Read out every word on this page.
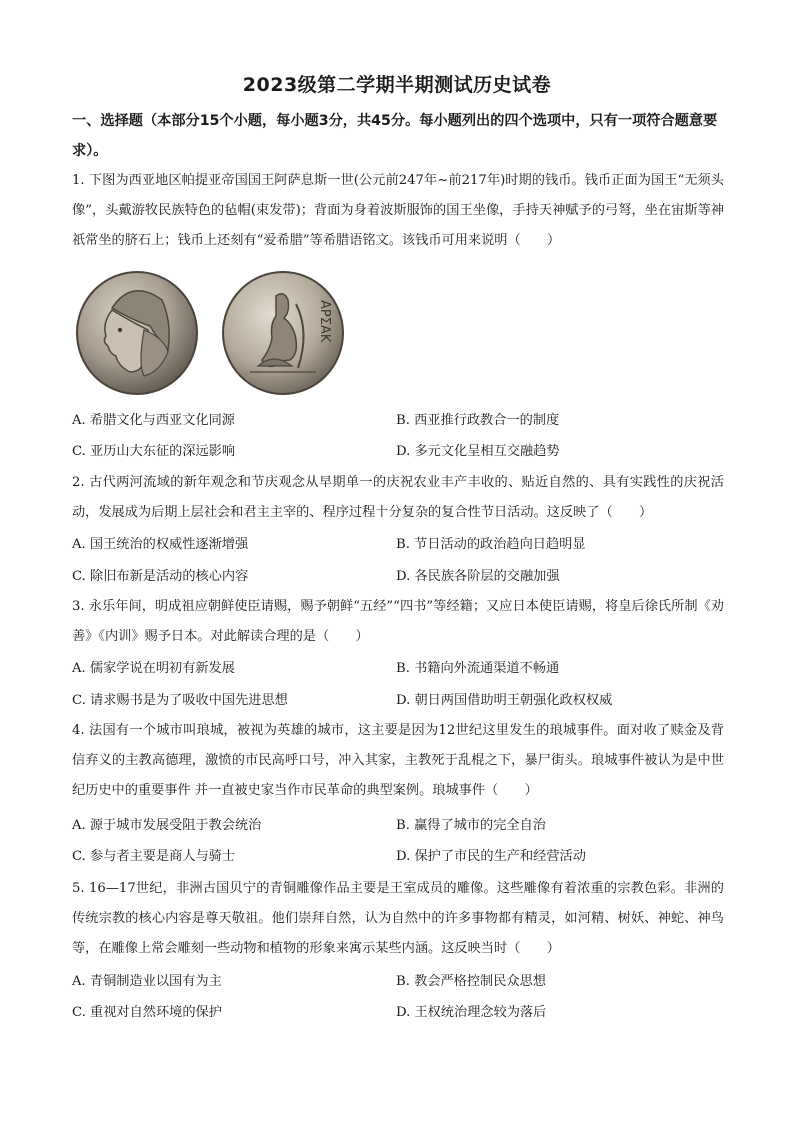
2023级第二学期半期测试历史试卷
一、选择题（本部分15个小题，每小题3分，共45分。每小题列出的四个选项中，只有一项符合题意要求）。
1. 下图为西亚地区帕提亚帝国国王阿萨息斯一世(公元前247年~前217年)时期的钱币。钱币正面为国王“无须头像”，头戴游牧民族特色的毡帽(束发带)；背面为身着波斯服饰的国王坐像，手持天神赋予的弓弩，坐在宙斯等神祇常坐的脐石上；钱币上还刻有“爱希腊”等希腊语铭文。该钱币可用来说明（　　）
ΑΡΣΑΚ
A. 希腊文化与西亚文化同源	B. 西亚推行政教合一的制度
C. 亚历山大东征的深远影响	D. 多元文化呈相互交融趋势
2. 古代两河流域的新年观念和节庆观念从早期单一的庆祝农业丰产丰收的、贴近自然的、具有实践性的庆祝活动，发展成为后期上层社会和君主主宰的、程序过程十分复杂的复合性节日活动。这反映了（　　）
A. 国王统治的权威性逐渐增强	B. 节日活动的政治趋向日趋明显
C. 除旧布新是活动的核心内容	D. 各民族各阶层的交融加强
3. 永乐年间，明成祖应朝鲜使臣请赐，赐予朝鲜“五经”“四书”等经籍；又应日本使臣请赐，将皇后徐氏所制《劝善》《内训》赐予日本。对此解读合理的是（　　）
A. 儒家学说在明初有新发展	B. 书籍向外流通渠道不畅通
C. 请求赐书是为了吸收中国先进思想	D. 朝日两国借助明王朝强化政权权威
4. 法国有一个城市叫琅城，被视为英雄的城市，这主要是因为12世纪这里发生的琅城事件。面对收了赎金及背信弃义的主教高德理，激愤的市民高呼口号，冲入其家，主教死于乱棍之下，暴尸街头。琅城事件被认为是中世纪历史中的重要事件 并一直被史家当作市民革命的典型案例。琅城事件（　　）
A. 源于城市发展受阻于教会统治	B. 赢得了城市的完全自治
C. 参与者主要是商人与骑士	D. 保护了市民的生产和经营活动
5. 16—17世纪，非洲古国贝宁的青铜雕像作品主要是王室成员的雕像。这些雕像有着浓重的宗教色彩。非洲的传统宗教的核心内容是尊天敬祖。他们崇拜自然，认为自然中的许多事物都有精灵，如河精、树妖、神蛇、神鸟等，在雕像上常会雕刻一些动物和植物的形象来寓示某些内涵。这反映当时（　　）
A. 青铜制造业以国有为主	B. 教会严格控制民众思想
C. 重视对自然环境的保护	D. 王权统治理念较为落后
